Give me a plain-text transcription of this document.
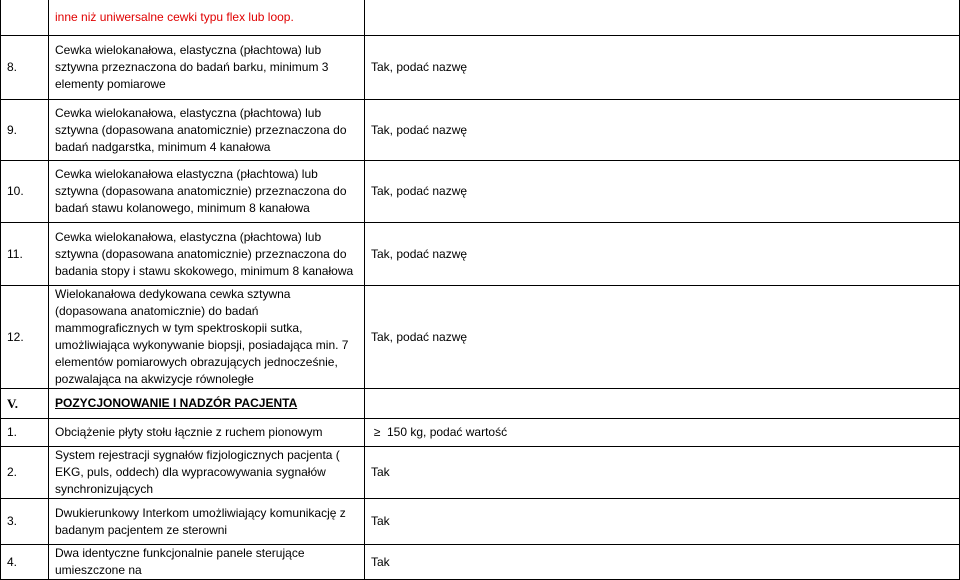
	inne niż uniwersalne cewki typu flex lub loop.	
8.	Cewka wielokanałowa, elastyczna (płachtowa) lub sztywna przeznaczona do badań barku, minimum 3 elementy pomiarowe	Tak, podać nazwę
9.	Cewka wielokanałowa, elastyczna (płachtowa) lub sztywna (dopasowana anatomicznie) przeznaczona do badań nadgarstka, minimum 4 kanałowa	Tak, podać nazwę
10.	Cewka wielokanałowa elastyczna (płachtowa) lub sztywna (dopasowana anatomicznie) przeznaczona do badań stawu kolanowego, minimum 8 kanałowa	Tak, podać nazwę
11.	Cewka wielokanałowa, elastyczna (płachtowa) lub sztywna (dopasowana anatomicznie) przeznaczona do badania stopy i stawu skokowego, minimum 8 kanałowa	Tak, podać nazwę
12.	Wielokanałowa dedykowana cewka sztywna (dopasowana anatomicznie) do badań mammograficznych w tym spektroskopii sutka, umożliwiająca wykonywanie biopsji, posiadająca min. 7 elementów pomiarowych obrazujących jednocześnie, pozwalająca na akwizycje równoległe	Tak, podać nazwę
V.	POZYCJONOWANIE I NADZÓR PACJENTA	
1.	Obciążenie płyty stołu łącznie z ruchem pionowym	≥ 150 kg, podać wartość
2.	System rejestracji sygnałów fizjologicznych pacjenta ( EKG, puls, oddech) dla wypracowywania sygnałów synchronizujących	Tak
3.	Dwukierunkowy Interkom umożliwiający komunikację z badanym pacjentem ze sterowni	Tak
4.	Dwa identyczne funkcjonalnie panele sterujące umieszczone na	Tak
